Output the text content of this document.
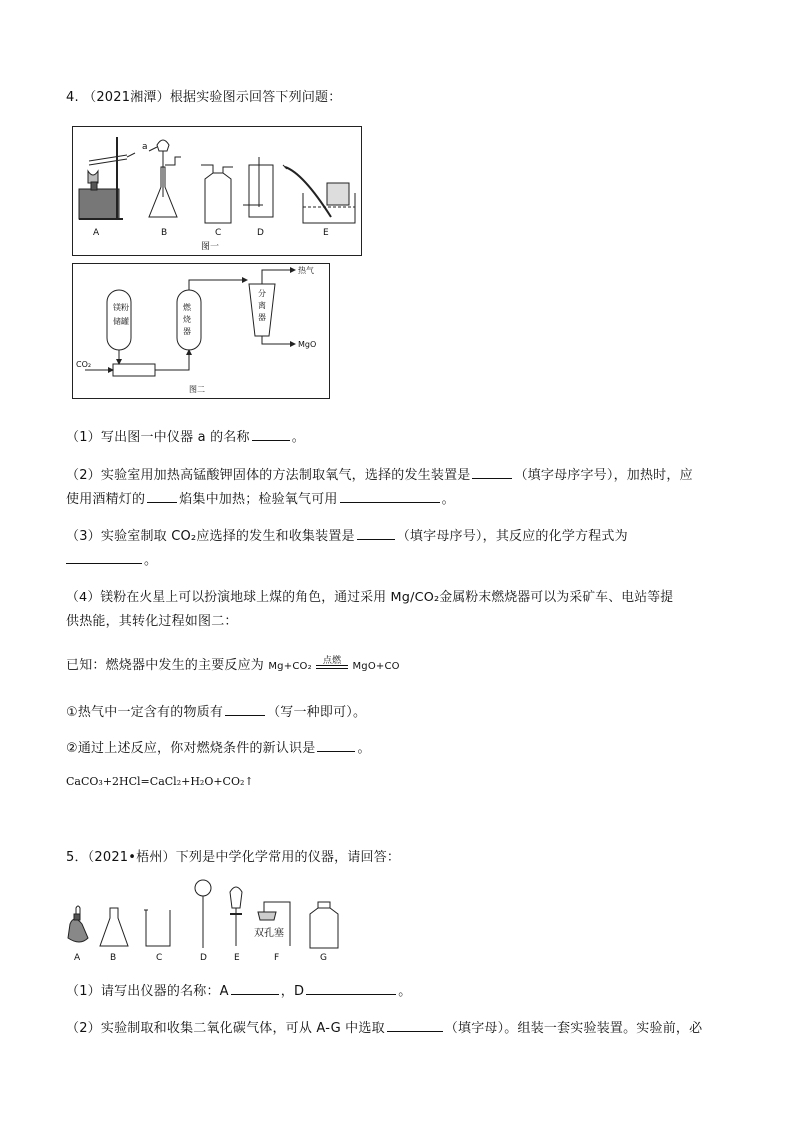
4. （2021湘潭）根据实验图示回答下列问题：
A	B	C	D	E
a
图一
镁粉
储罐
燃
烧
器
分
离
器
热气
MgO
CO₂
图二
（1）写出图一中仪器 a 的名称	。
（2）实验室用加热高锰酸钾固体的方法制取氧气，选择的发生装置是	（填字母序字号），加热时，应
使用酒精灯的	焰集中加热；检验氧气可用	。
（3）实验室制取 CO₂应选择的发生和收集装置是	（填字母序号），其反应的化学方程式为
。
（4）镁粉在火星上可以扮演地球上煤的角色，通过采用 Mg/CO₂金属粉末燃烧器可以为采矿车、电站等提
供热能，其转化过程如图二：
已知：燃烧器中发生的主要反应为 Mg+CO₂	点燃	MgO+CO
①热气中一定含有的物质有	（写一种即可）。
②通过上述反应，你对燃烧条件的新认识是	。
CaCO₃+2HCl=CaCl₂+H₂O+CO₂↑
5．（2021•梧州）下列是中学化学常用的仪器，请回答：
A	B	C	D	E	F	G
双孔塞
（1）请写出仪器的名称：A	，D	。
（2）实验制取和收集二氧化碳气体，可从 A-G 中选取	（填字母）。组装一套实验装置。实验前，必
